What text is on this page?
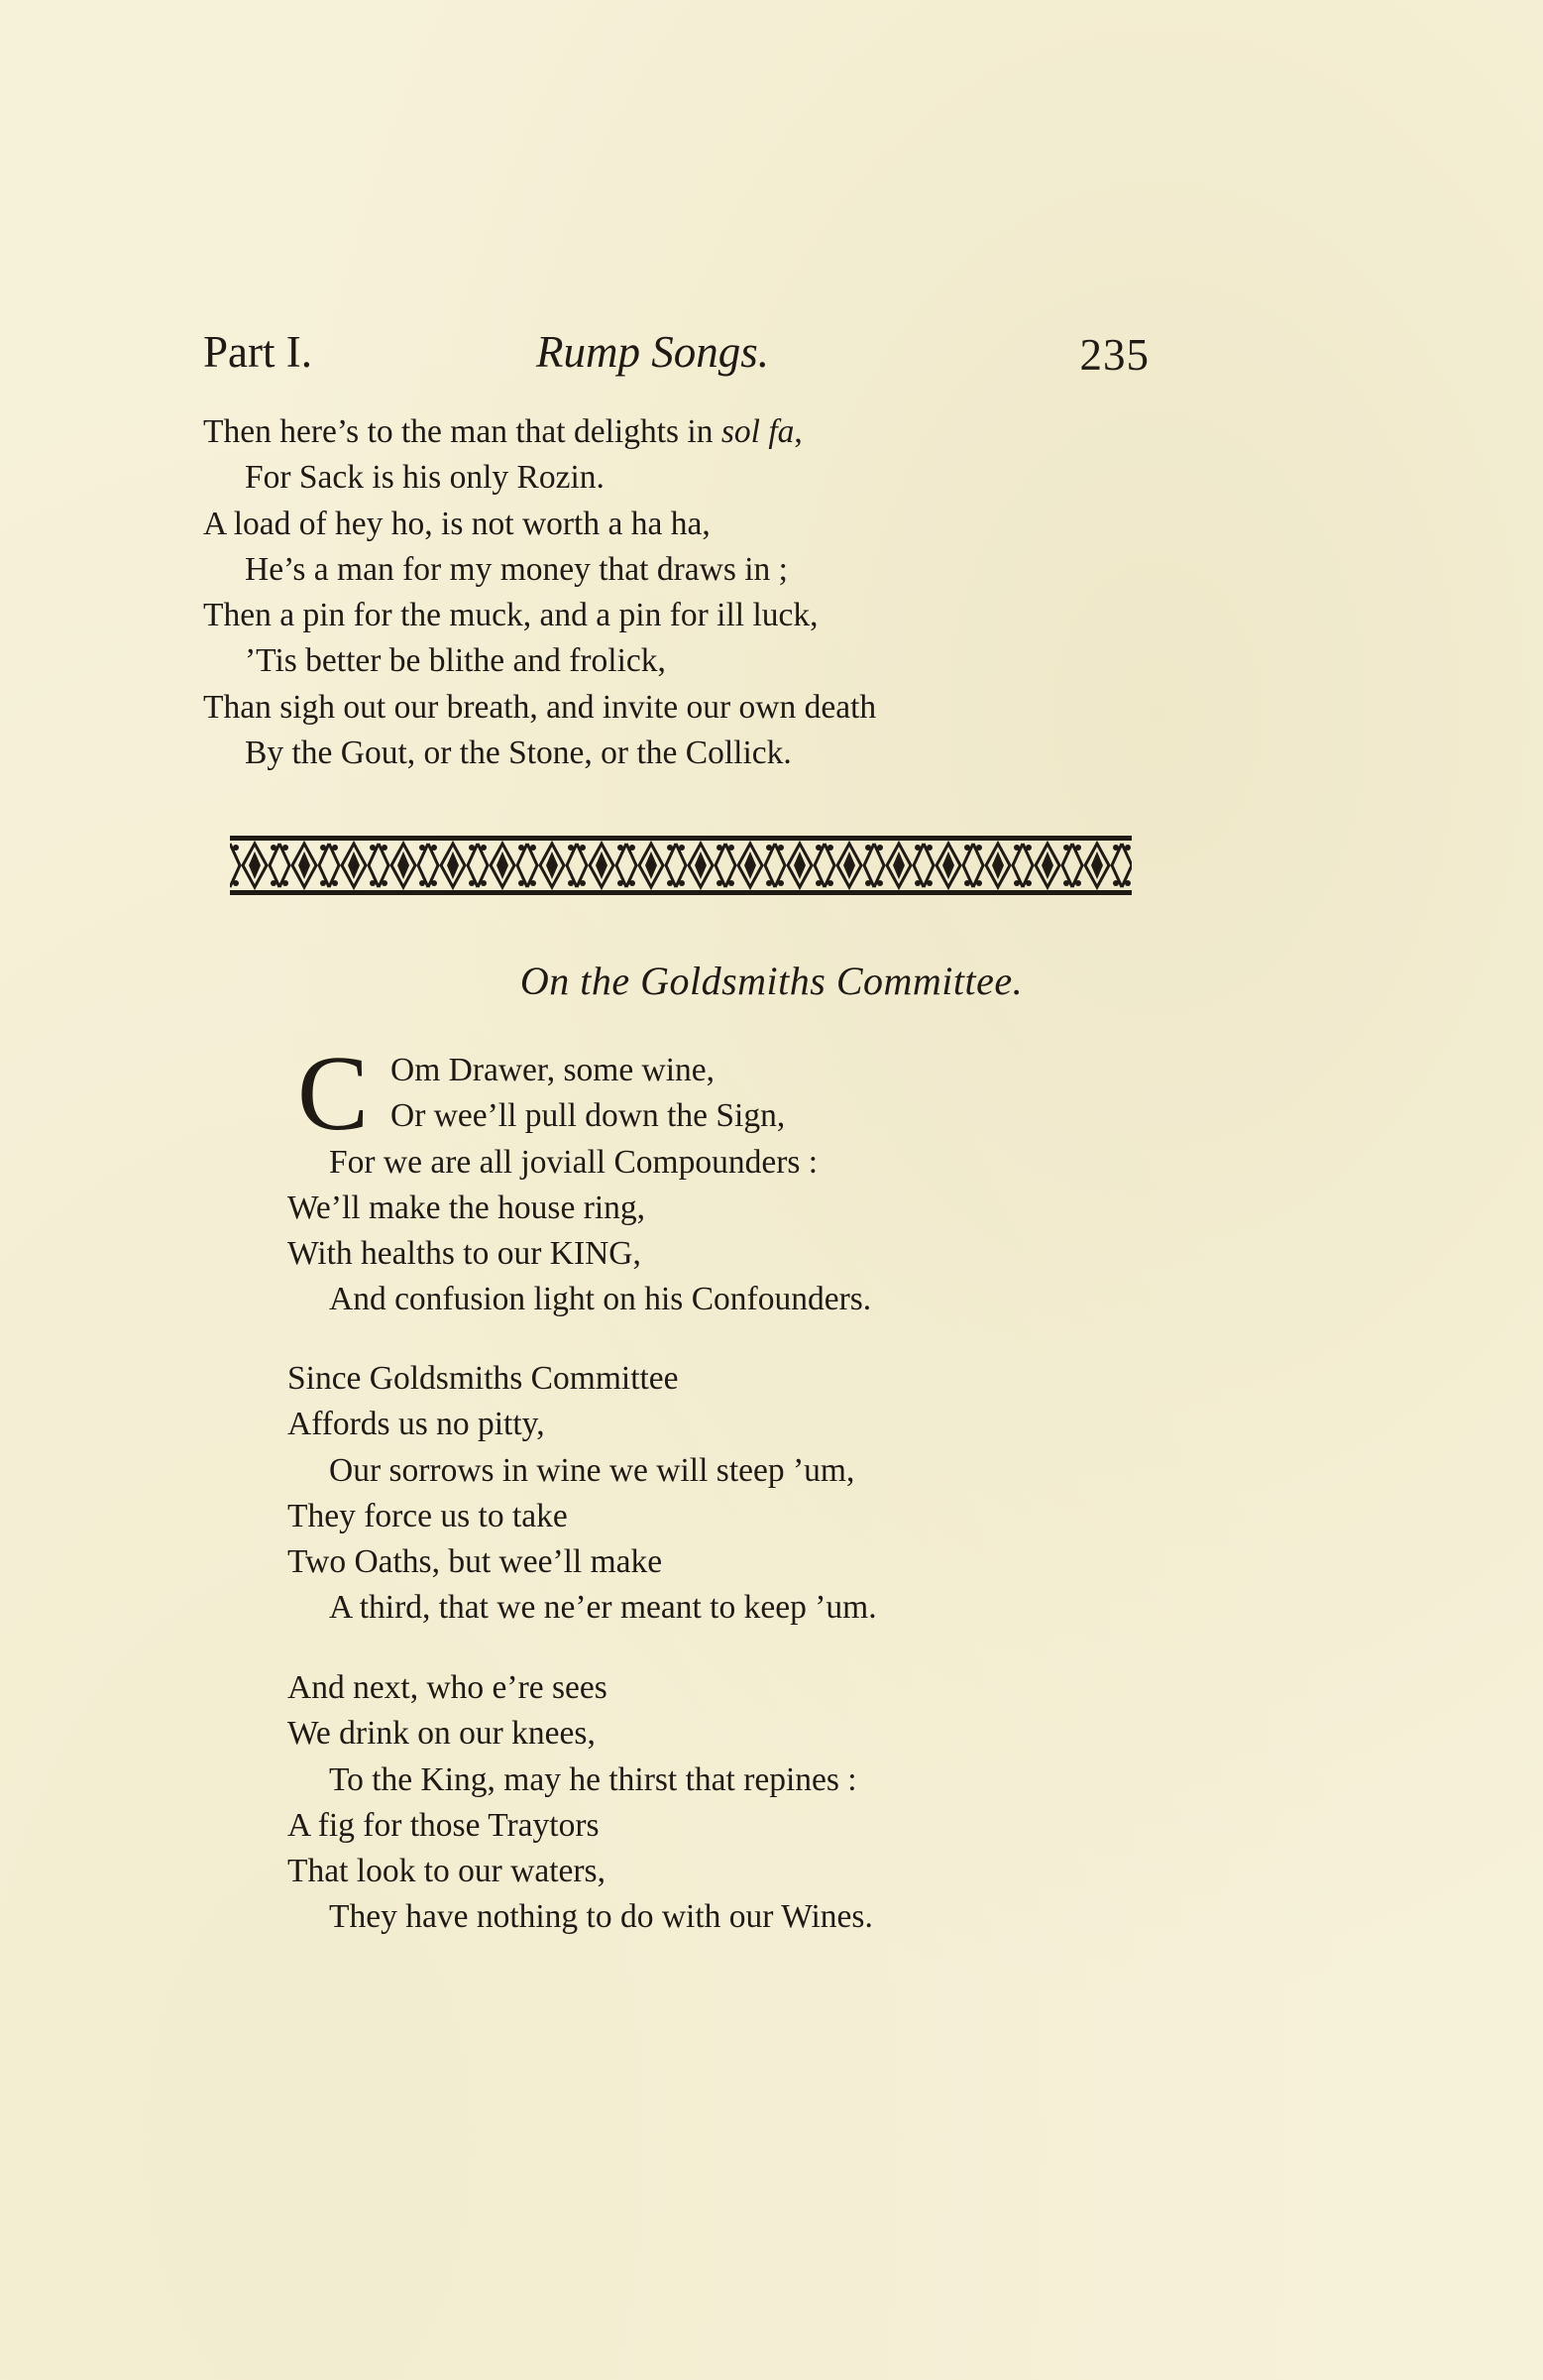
Part I.	Rump Songs.	235
Then here’s to the man that delights in sol fa,
For Sack is his only Rozin.
A load of hey ho, is not worth a ha ha,
He’s a man for my money that draws in ;
Then a pin for the muck, and a pin for ill luck,
’Tis better be blithe and frolick,
Than sigh out our breath, and invite our own death
By the Gout, or the Stone, or the Collick.
On the Goldsmiths Committee.
C Om Drawer, some wine,
Or wee’ll pull down the Sign,
For we are all joviall Compounders :
We’ll make the house ring,
With healths to our KING,
And confusion light on his Confounders.
Since Goldsmiths Committee
Affords us no pitty,
Our sorrows in wine we will steep ’um,
They force us to take
Two Oaths, but wee’ll make
A third, that we ne’er meant to keep ’um.
And next, who e’re sees
We drink on our knees,
To the King, may he thirst that repines :
A fig for those Traytors
That look to our waters,
They have nothing to do with our Wines.
